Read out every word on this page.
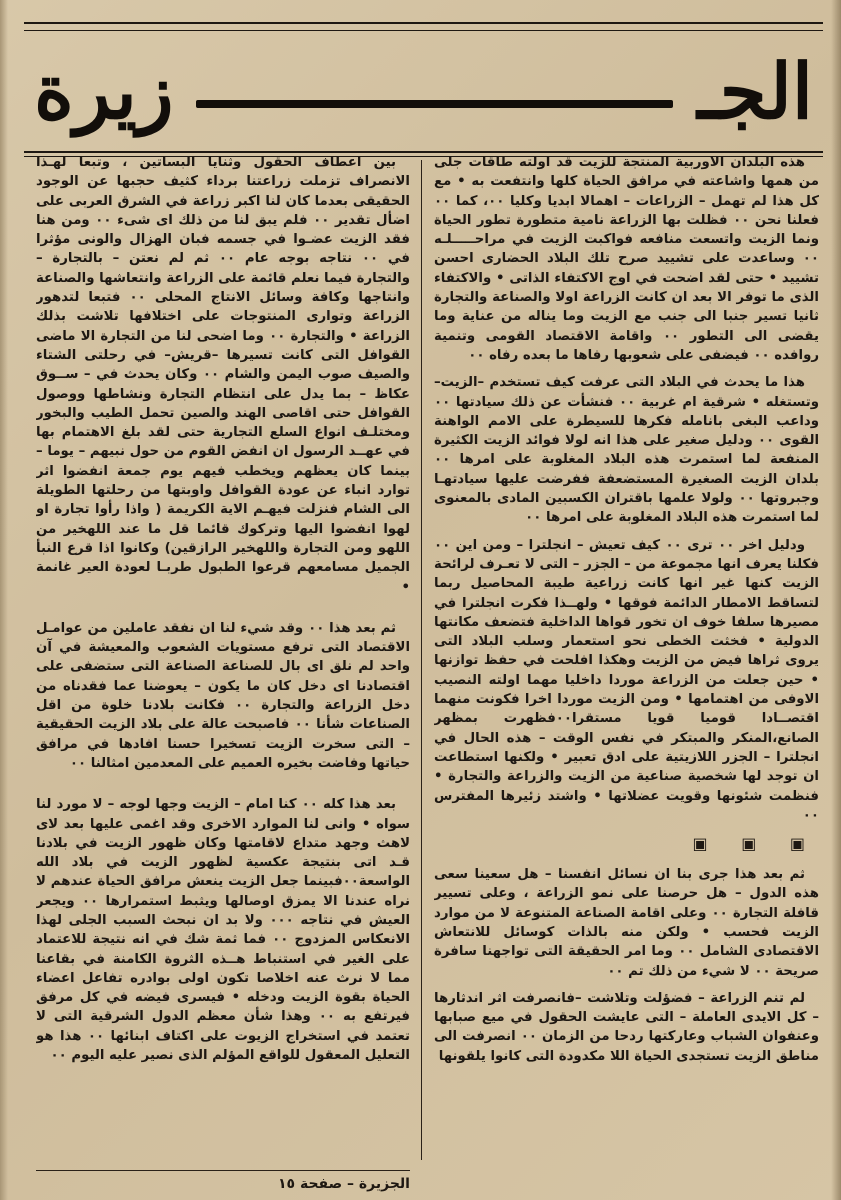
الجـ
زيرة

هذه البلدان الاوربية المنتجة للزيت قد اولته طاقات جلى من همها واشاعته في مرافق الحياة كلها وانتفعت به • مع كل هذا لم تهمل – الزراعات – اهمالا ابديا وكليا ٠٠، كما ٠٠ فعلنا نحن ٠٠ فظلت بها الزراعة نامية متطورة تطور الحياة ونما الزيت واتسعت منافعه فواكبت الزيت في مراحـــــلـه ٠٠ وساعدت على تشييد صرح تلك البلاد الحضارى احسن تشييد • حتى لقد اضحت في اوج الاكتفاء الذاتى • والاكتفاء الذى ما توفر الا بعد ان كانت الزراعة اولا والصناعة والتجارة ثانيا تسير جنبا الى جنب مع الزيت وما يناله من عناية وما يقضى الى التطور ٠٠ واقامة الاقتصاد القومى وتنمية روافده ٠٠ فيضفى على شعوبها رفاها ما بعده رفاه ٠٠

هذا ما يحدث في البلاد التى عرفت كيف تستخدم –الزيت– وتستغله • شرقية ام غربية ٠٠ فنشأت عن ذلك سيادتها ٠٠ وداعب البغى بانامله فكرها للسيطرة على الامم الواهنة القوى ٠٠ ودليل صغير على هذا انه لولا فوائد الزيت الكثيرة المنفعة لما استمرت هذه البلاد المغلوبة على امرها ٠٠ بلدان الزيت الصغيرة المستضعفة ففرضت عليها سيادتهـا وجبروتها ٠٠ ولولا علمها باقتران الكسبين المادى بالمعنوى لما استمرت هذه البلاد المغلوبة على امرها ٠٠

ودليل اخر ٠٠ ترى ٠٠ كيف تعيش – انجلترا – ومن اين ٠٠ فكلنا يعرف انها مجموعة من – الجزر – التى لا تعـرف لرائحة الزيت كنها غير انها كانت زراعية طيبة المحاصيل ربما لتساقط الامطار الدائمة فوقها • ولهــذا فكرت انجلترا في مصيرها سلفا خوف ان تخور قواها الداخلية فتضعف مكانتها الدولية • فخثت الخطى نحو استعمار وسلب البلاد التى يروى ثراها فيض من الزيت وهكذا افلحت في حفظ توازنها • حين جعلت من الزراعة موردا داخليا مهما اولته النصيب الاوفى من اهتمامها • ومن الزيت موردا اخرا فكونت منهما اقتصــادا قوميا قويا مستقرا٠٠فظهرت بمظهر الصانع،المنكر والمبتكر في نفس الوقت – هذه الحال في انجلترا – الجزر اللازيتية على ادق تعبير • ولكنها استطاعت ان توجد لها شخصية صناعية من الزيت والزراعة والتجارة • فنظمت شئونها وقويت عضلاتها • واشتد زئيرها المفترس ٠٠

▣ ▣ ▣

ثم بعد هذا جرى بنا ان نسائل انفسنا – هل سعينا سعى هذه الدول – هل حرصنا على نمو الزراعة ، وعلى تسيير قافلة التجارة ٠٠ وعلى اقامة الصناعة المتنوعة لا من موارد الزيت فحسب • ولكن منه بالذات كوسائل للانتعاش الاقتصادى الشامل ٠٠ وما امر الحقيقة التى تواجهنا سافرة صريحة ٠٠ لا شيء من ذلك تم ٠٠

لم تنم الزراعة – فضؤلت وتلاشت –فانصرفت اثر اندثارها – كل الايدى العاملة – التى عايشت الحقول في ميع صبابها وعنفوان الشباب وعاركتها ردحا من الزمان ٠٠ انصرفت الى مناطق الزيت تستجدى الحياة اللا مكدودة التى كانوا يلقونها

بين اعطاف الحقول وثنايا البساتين ، وتبعا لهـذا الانصراف تزملت زراعتنا برداء كثيف حجبها عن الوجود الحقيقى بعدما كان لنا اكبر زراعة في الشرق العربى على اضأل تقدير ٠٠ فلم يبق لنا من ذلك اى شىء ٠٠ ومن هنا فقد الزيت عضـوا في جسمه فبان الهزال والونى مؤثرا في ٠٠ نتاجه بوجه عام ٠٠ ثم لم نعتن – بالتجارة – والتجارة فيما نعلم قائمة على الزراعة وانتعاشها والصناعة وانتاجها وكافة وسائل الانتاج المحلى ٠٠ فتبعا لتدهور الزراعة وتوارى المنتوجات على اختلافها تلاشت بذلك الزراعة • والتجارة ٠٠ وما اضحى لنا من التجارة الا ماضى القوافل التى كانت تسيرها –قريش– في رحلتى الشتاء والصيف صوب اليمن والشام ٠٠ وكان يحدث في – ســوق عكاظ – بما يدل على انتظام التجارة ونشاطها ووصول القوافل حتى اقاصى الهند والصين تحمل الطيب والبخور ومختلـف انواع السلع التجارية حتى لقد بلغ الاهتمام بها في عهــد الرسول ان انفض القوم من حول نبيهم – يوما – بينما كان يعظهم ويخطب فيهم يوم جمعة انفضوا اثر توارد انباء عن عودة القوافل واوبتها من رحلتها الطويلة الى الشام فنزلت فيهـم الاية الكريمة ( واذا رأوا تجارة او لهوا انفضوا اليها وتركوك قائما قل ما عند اللهخير من اللهو ومن التجارة واللهخير الرازقين) وكانوا اذا قرع النبأ الجميل مسامعهم قرعوا الطبول طربـا لعودة العير غانمة •

ثم بعد هذا ٠٠ وقد شيء لنا ان نفقد عاملين من عوامـل الاقتصاد التى ترفع مستويات الشعوب والمعيشة في آن واحد لم نلق اى بال للصناعة الصناعة التى ستضفى على اقتصادنا اى دخل كان ما يكون – يعوضنا عما فقدناه من دخل الزراعة والتجارة ٠٠ فكانت بلادنا خلوة من اقل الصناعات شأنا ٠٠ فاصبحت عالة على بلاد الزيت الحقيقية – التى سخرت الزيت تسخيرا حسنا افادها في مرافق حياتها وفاضت بخيره العميم على المعدمين امثالنا ٠٠

بعد هذا كله ٠٠ كنا امام – الزيت وجها لوجه – لا مورد لنا سواه • وانى لنا الموارد الاخرى وقد اغمى عليها بعد لاى لاهث وجهد متداع لاقامتها وكان ظهور الزيت في بلادنا قـد اتى بنتيجة عكسية لظهور الزيت في بلاد الله الواسعة٠٠فبينما جعل الزيت ينعش مرافق الحياة عندهم لا نراه عندنا الا يمزق اوصالها ويثبط استمرارها ٠٠ ويجعر العيش في نتاجه ٠٠٠ ولا بد ان نبحث السبب الجلى لهذا الانعكاس المزدوج ٠٠ فما ثمة شك في انه نتيجة للاعتماد على الغير في استنباط هــذه الثروة الكامنة في بقاعنا مما لا نرث عنه اخلاصا تكون اولى بوادره تفاعل اعضاء الحياة بقوة الزيت ودخله • فيسرى فيضه في كل مرفق فيرتفع به ٠٠ وهذا شأن معظم الدول الشرقية التى لا تعتمد في استخراج الزيوت على اكتاف ابنائها ٠٠ هذا هو التعليل المعقول للواقع المؤلم الذى نصير عليه اليوم ٠٠

الجزيرة – صفحة ١٥
